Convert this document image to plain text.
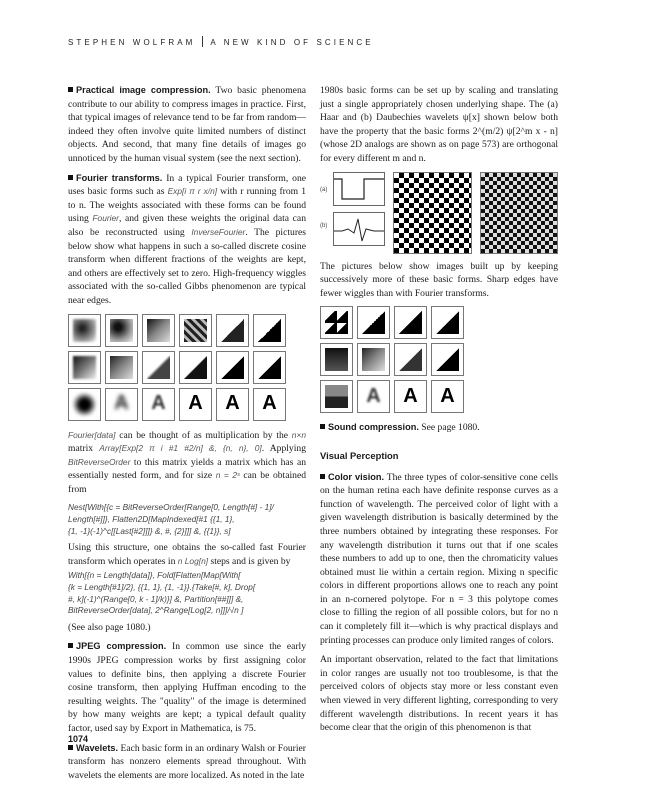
STEPHEN WOLFRAM A NEW KIND OF SCIENCE

Practical image compression. Two basic phenomena contribute to our ability to compress images in practice. First, that typical images of relevance tend to be far from random—indeed they often involve quite limited numbers of distinct objects. And second, that many fine details of images go unnoticed by the human visual system (see the next section).

Fourier transforms. In a typical Fourier transform, one uses basic forms such as Exp[i π r x/n] with r running from 1 to n. The weights associated with these forms can be found using Fourier, and given these weights the original data can also be reconstructed using InverseFourier. The pictures below show what happens in such a so-called discrete cosine transform when different fractions of the weights are kept, and others are effectively set to zero. High-frequency wiggles associated with the so-called Gibbs phenomenon are typical near edges.

A A A A A

Fourier[data] can be thought of as multiplication by the n×n matrix Array[Exp[2 π i #1 #2/n] &, {n, n}, 0]. Applying BitReverseOrder to this matrix yields a matrix which has an essentially nested form, and for size n = 2ˢ can be obtained from

Nest[With[{c = BitReverseOrder[Range[0, Length[#] - 1]/
Length[#]]}, Flatten2D[MapIndexed[#1 {{1, 1},
{1, -1}(-1)^c[[Last[#2]]]} &, #, {2}]]] &, {{1}}, s]

Using this structure, one obtains the so-called fast Fourier transform which operates in n Log[n] steps and is given by

With[{n = Length[data]}, Fold[Flatten[Map[With[
{k = Length[#1]/2}, {{1, 1}, {1, -1}}.{Take[#, k], Drop[
#, k](-1)^(Range[0, k - 1]/k)}] &, Partition[##]]] &,
BitReverseOrder[data], 2^Range[Log[2, n]]]/√n ]

(See also page 1080.)

JPEG compression. In common use since the early 1990s JPEG compression works by first assigning color values to definite bins, then applying a discrete Fourier cosine transform, then applying Huffman encoding to the resulting weights. The "quality" of the image is determined by how many weights are kept; a typical default quality factor, used say by Export in Mathematica, is 75.

Wavelets. Each basic form in an ordinary Walsh or Fourier transform has nonzero elements spread throughout. With wavelets the elements are more localized. As noted in the late

1980s basic forms can be set up by scaling and translating just a single appropriately chosen underlying shape. The (a) Haar and (b) Daubechies wavelets ψ[x] shown below both have the property that the basic forms 2^(m/2) ψ[2^m x - n] (whose 2D analogs are shown as on page 573) are orthogonal for every different m and n.

(a)
(b)

The pictures below show images built up by keeping successively more of these basic forms. Sharp edges have fewer wiggles than with Fourier transforms.

A A A

Sound compression. See page 1080.

Visual Perception

Color vision. The three types of color-sensitive cone cells on the human retina each have definite response curves as a function of wavelength. The perceived color of light with a given wavelength distribution is basically determined by the three numbers obtained by integrating these responses. For any wavelength distribution it turns out that if one scales these numbers to add up to one, then the chromaticity values obtained must lie within a certain region. Mixing n specific colors in different proportions allows one to reach any point in an n-cornered polytope. For n = 3 this polytope comes close to filling the region of all possible colors, but for no n can it completely fill it—which is why practical displays and printing processes can produce only limited ranges of colors.

An important observation, related to the fact that limitations in color ranges are usually not too troublesome, is that the perceived colors of objects stay more or less constant even when viewed in very different lighting, corresponding to very different wavelength distributions. In recent years it has become clear that the origin of this phenomenon is that

1074
